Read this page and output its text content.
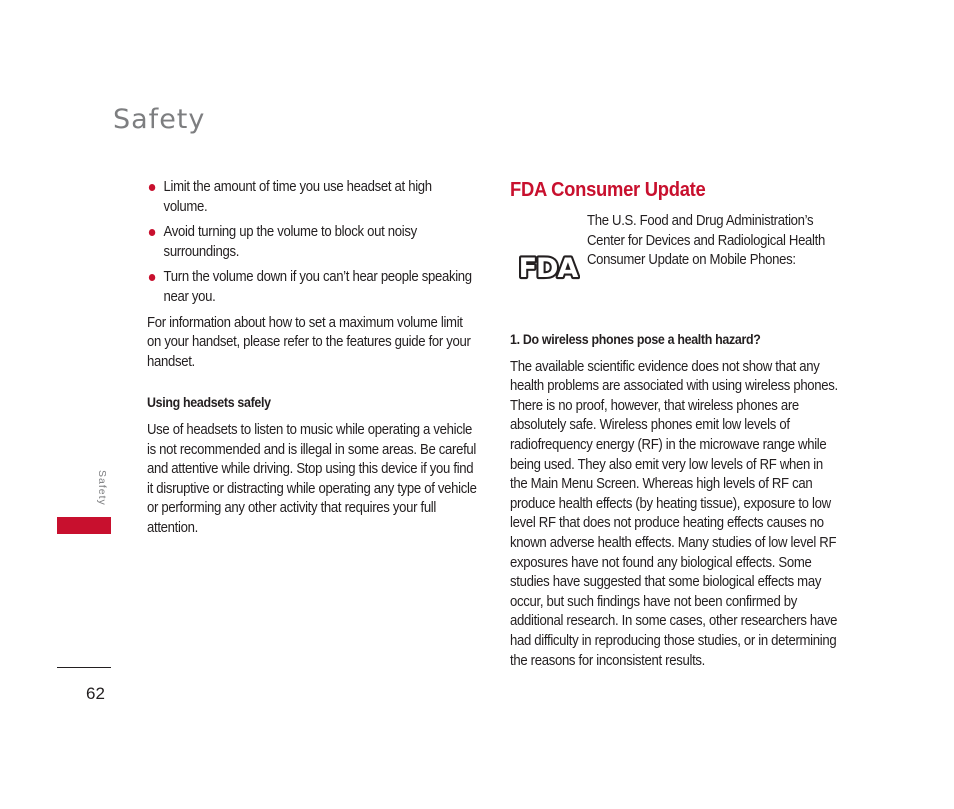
Safety
Limit the amount of time you use headset at high volume.
Avoid turning up the volume to block out noisy surroundings.
Turn the volume down if you can’t hear people speaking near you.

For information about how to set a maximum volume limit on your handset, please refer to the features guide for your handset.

Using headsets safely

Use of headsets to listen to music while operating a vehicle is not recommended and is illegal in some areas. Be careful and attentive while driving. Stop using this device if you find it disruptive or distracting while operating any type of vehicle or performing any other activity that requires your full attention.

FDA Consumer Update
FDA
The U.S. Food and Drug Administration’s Center for Devices and Radiological Health Consumer Update on Mobile Phones:
1. Do wireless phones pose a health hazard?

The available scientific evidence does not show that any health problems are associated with using wireless phones. There is no proof, however, that wireless phones are absolutely safe. Wireless phones emit low levels of radiofrequency energy (RF) in the microwave range while being used. They also emit very low levels of RF when in the Main Menu Screen. Whereas high levels of RF can produce health effects (by heating tissue), exposure to low level RF that does not produce heating effects causes no known adverse health effects. Many studies of low level RF exposures have not found any biological effects. Some studies have suggested that some biological effects may occur, but such findings have not been confirmed by additional research. In some cases, other researchers have had difficulty in reproducing those studies, or in determining the reasons for inconsistent results.

Safety
62
